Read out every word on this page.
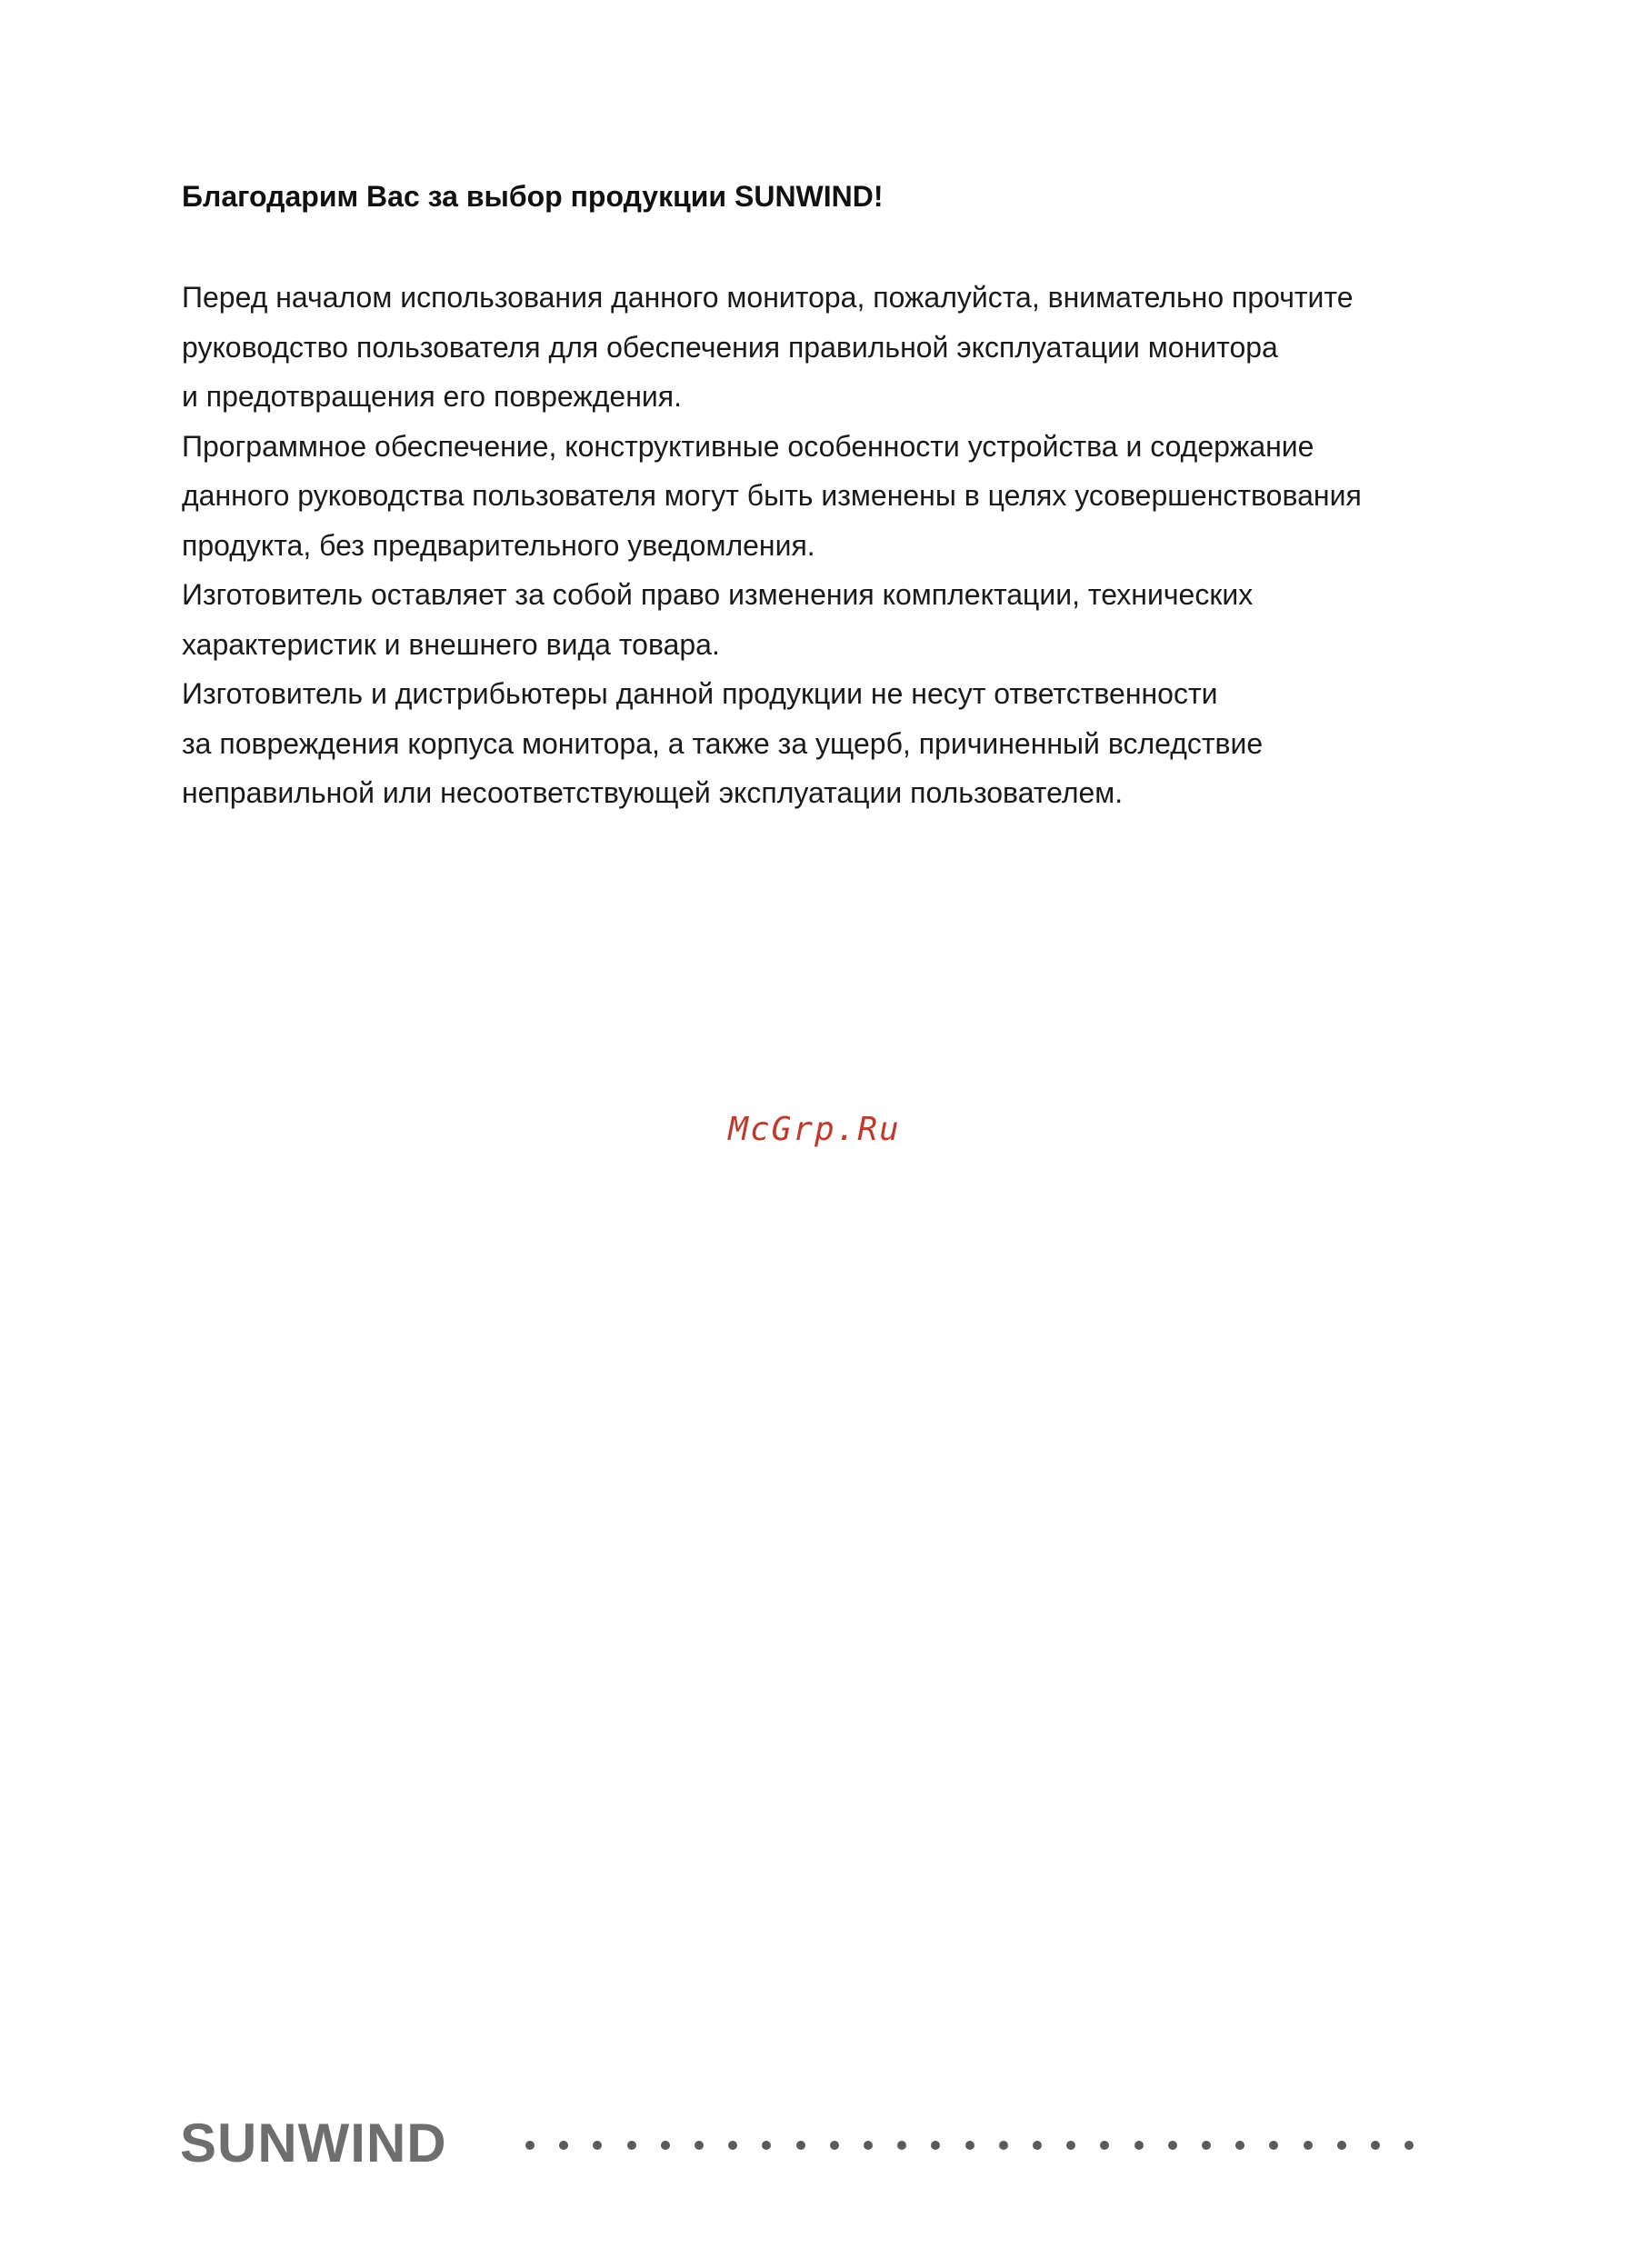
Благодарим Вас за выбор продукции SUNWIND!
Перед началом использования данного монитора, пожалуйста, внимательно прочтите
руководство пользователя для обеспечения правильной эксплуатации монитора
и предотвращения его повреждения.
Программное обеспечение, конструктивные особенности устройства и содержание
данного руководства пользователя могут быть изменены в целях усовершенствования
продукта, без предварительного уведомления.
Изготовитель оставляет за собой право изменения комплектации, технических
характеристик и внешнего вида товара.
Изготовитель и дистрибьютеры данной продукции не несут ответственности
за повреждения корпуса монитора, а также за ущерб, причиненный вследствие
неправильной или несоответствующей эксплуатации пользователем.
McGrp.Ru
SUNWIND
